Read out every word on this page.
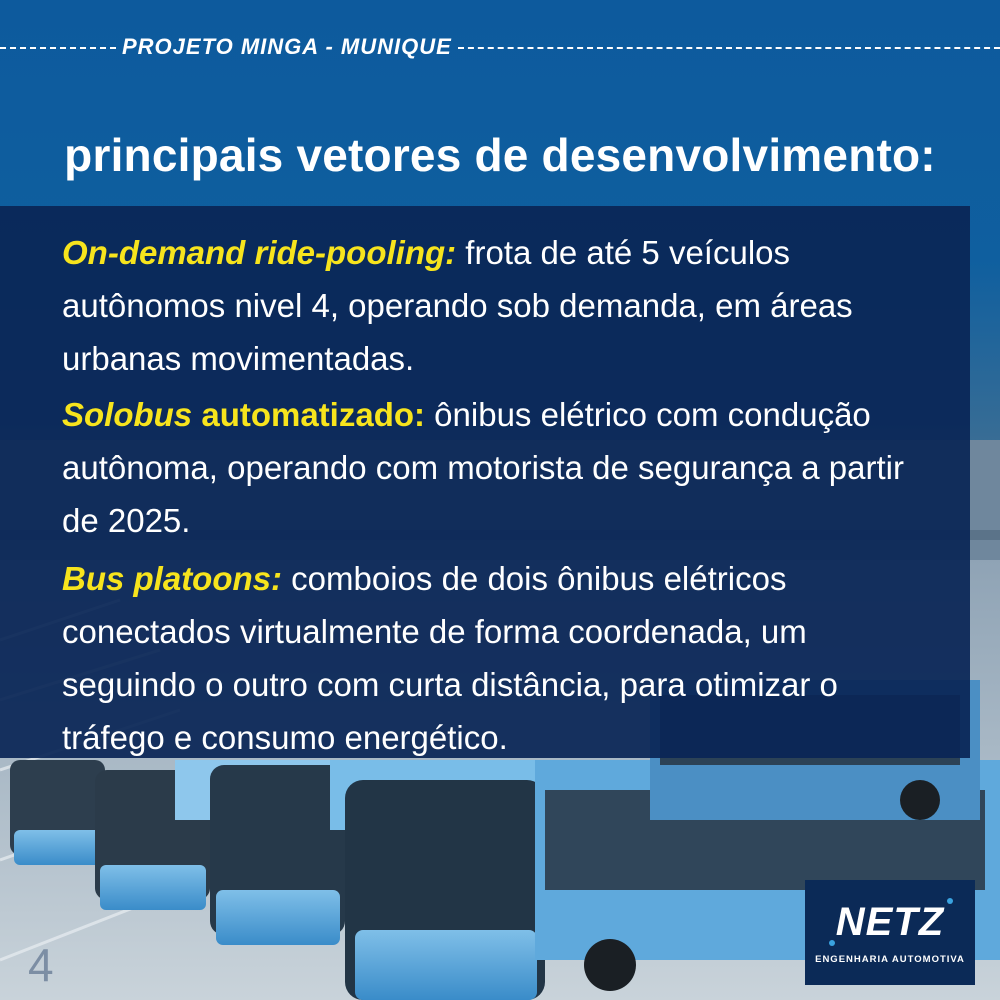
PROJETO MINGA - MUNIQUE
principais vetores de desenvolvimento:
On-demand ride-pooling: frota de até 5 veículos autônomos nivel 4, operando sob demanda, em áreas urbanas movimentadas.
Solobus automatizado: ônibus elétrico com condução autônoma, operando com motorista de segurança a partir de 2025.
Bus platoons: comboios de dois ônibus elétricos conectados virtualmente de forma coordenada, um seguindo o outro com curta distância, para otimizar o tráfego e consumo energético.
4
NETZ
ENGENHARIA AUTOMOTIVA
